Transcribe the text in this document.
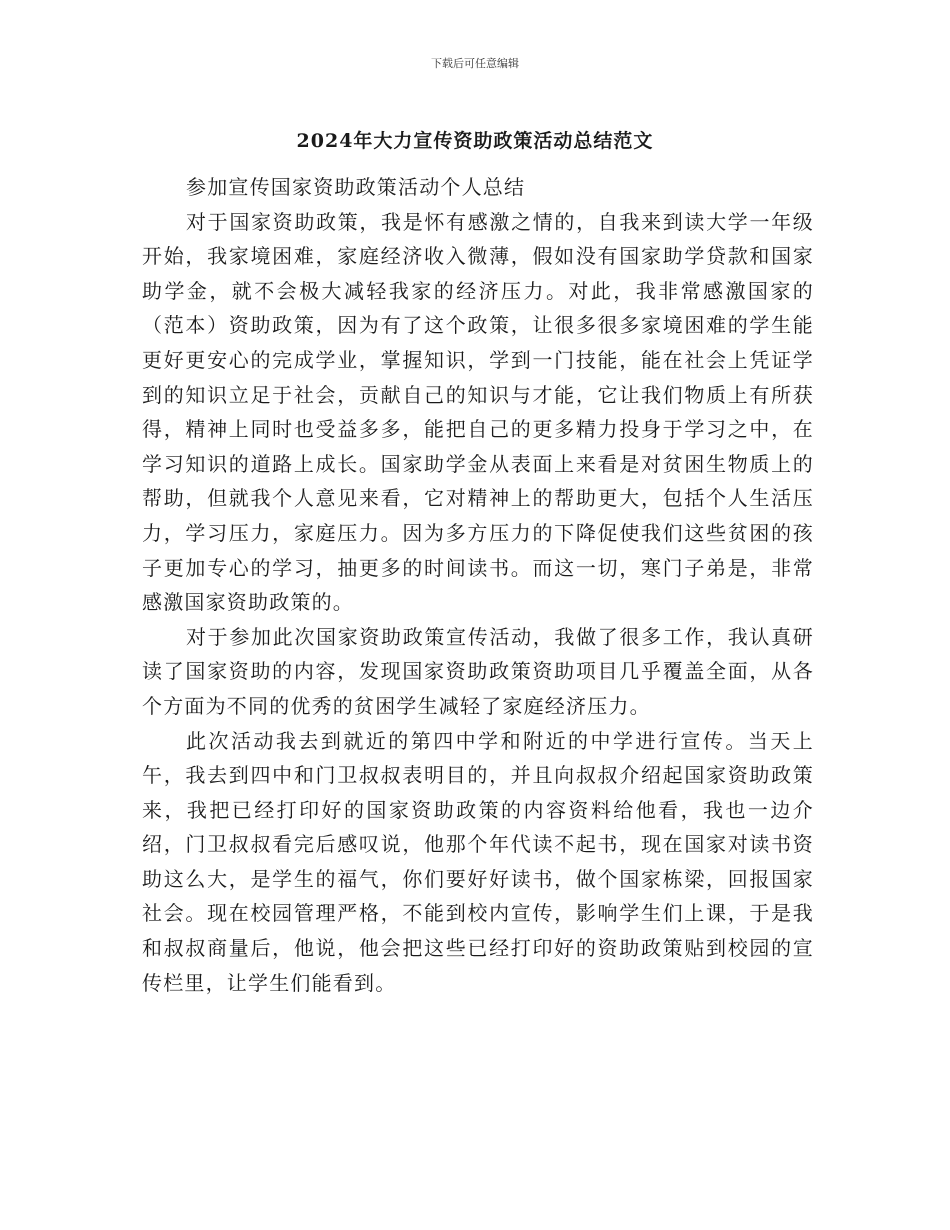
下载后可任意编辑
2024年大力宣传资助政策活动总结范文

参加宣传国家资助政策活动个人总结

对于国家资助政策，我是怀有感激之情的，自我来到读大学一年级开始，我家境困难，家庭经济收入微薄，假如没有国家助学贷款和国家助学金，就不会极大减轻我家的经济压力。对此，我非常感激国家的（范本）资助政策，因为有了这个政策，让很多很多家境困难的学生能更好更安心的完成学业，掌握知识，学到一门技能，能在社会上凭证学到的知识立足于社会，贡献自己的知识与才能，它让我们物质上有所获得，精神上同时也受益多多，能把自己的更多精力投身于学习之中，在学习知识的道路上成长。国家助学金从表面上来看是对贫困生物质上的帮助，但就我个人意见来看，它对精神上的帮助更大，包括个人生活压力，学习压力，家庭压力。因为多方压力的下降促使我们这些贫困的孩子更加专心的学习，抽更多的时间读书。而这一切，寒门子弟是，非常感激国家资助政策的。

对于参加此次国家资助政策宣传活动，我做了很多工作，我认真研读了国家资助的内容，发现国家资助政策资助项目几乎覆盖全面，从各个方面为不同的优秀的贫困学生减轻了家庭经济压力。

此次活动我去到就近的第四中学和附近的中学进行宣传。当天上午，我去到四中和门卫叔叔表明目的，并且向叔叔介绍起国家资助政策来，我把已经打印好的国家资助政策的内容资料给他看，我也一边介绍，门卫叔叔看完后感叹说，他那个年代读不起书，现在国家对读书资助这么大，是学生的福气，你们要好好读书，做个国家栋梁，回报国家社会。现在校园管理严格，不能到校内宣传，影响学生们上课，于是我和叔叔商量后，他说，他会把这些已经打印好的资助政策贴到校园的宣传栏里，让学生们能看到。
